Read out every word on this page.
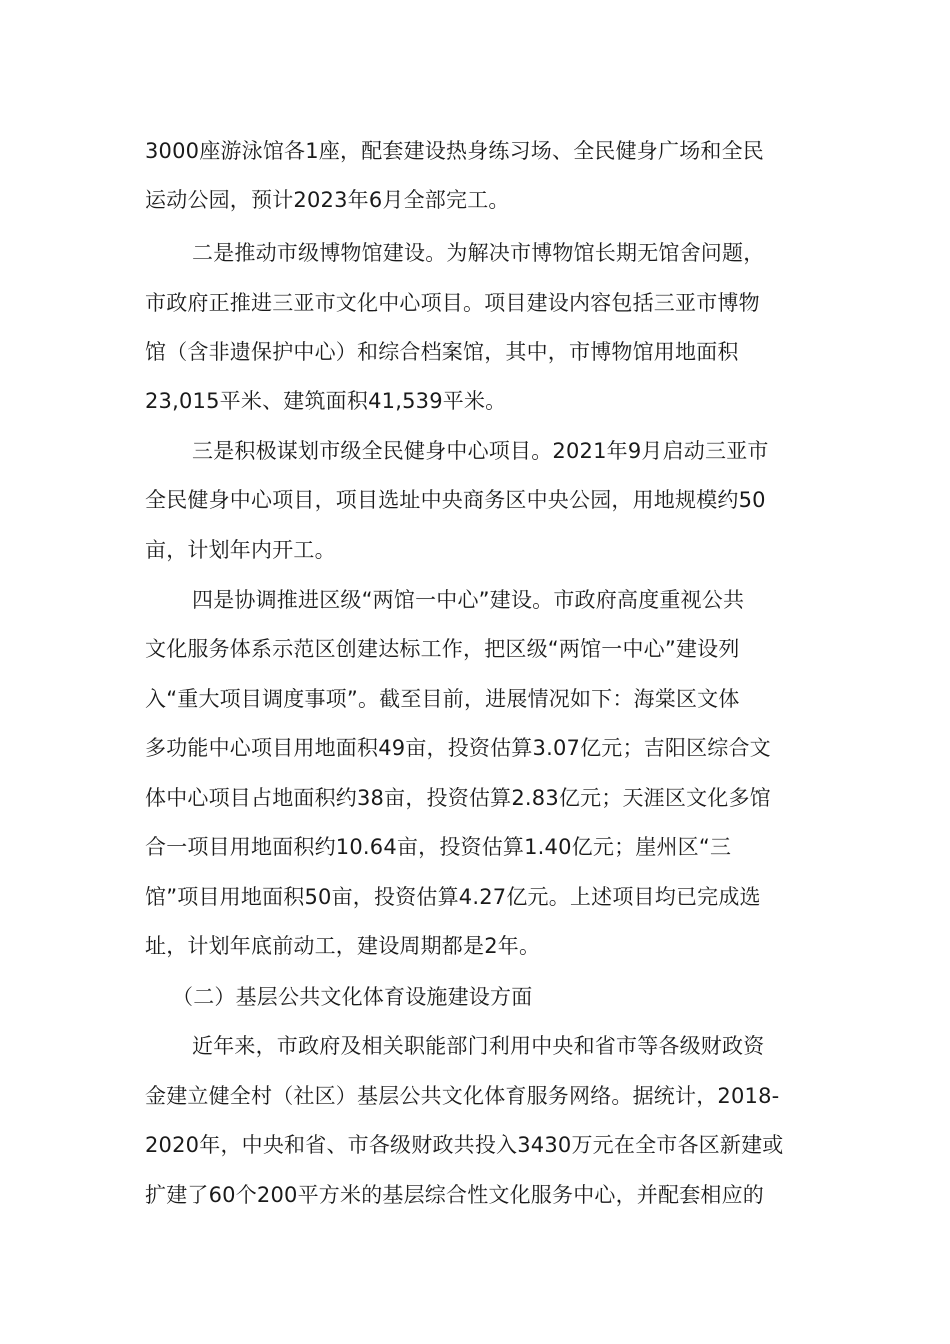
3000座游泳馆各1座，配套建设热身练习场、全民健身广场和全民
运动公园，预计2023年6月全部完工。
二是推动市级博物馆建设。为解决市博物馆长期无馆舍问题，
市政府正推进三亚市文化中心项目。项目建设内容包括三亚市博物
馆（含非遗保护中心）和综合档案馆，其中，市博物馆用地面积
23,015平米、建筑面积41,539平米。
三是积极谋划市级全民健身中心项目。2021年9月启动三亚市
全民健身中心项目，项目选址中央商务区中央公园，用地规模约50
亩，计划年内开工。
四是协调推进区级“两馆一中心”建设。市政府高度重视公共
文化服务体系示范区创建达标工作，把区级“两馆一中心”建设列
入“重大项目调度事项”。截至目前，进展情况如下：海棠区文体
多功能中心项目用地面积49亩，投资估算3.07亿元；吉阳区综合文
体中心项目占地面积约38亩，投资估算2.83亿元；天涯区文化多馆
合一项目用地面积约10.64亩，投资估算1.40亿元；崖州区“三
馆”项目用地面积50亩，投资估算4.27亿元。上述项目均已完成选
址，计划年底前动工，建设周期都是2年。
（二）基层公共文化体育设施建设方面
近年来，市政府及相关职能部门利用中央和省市等各级财政资
金建立健全村（社区）基层公共文化体育服务网络。据统计，2018-
2020年，中央和省、市各级财政共投入3430万元在全市各区新建或
扩建了60个200平方米的基层综合性文化服务中心，并配套相应的
